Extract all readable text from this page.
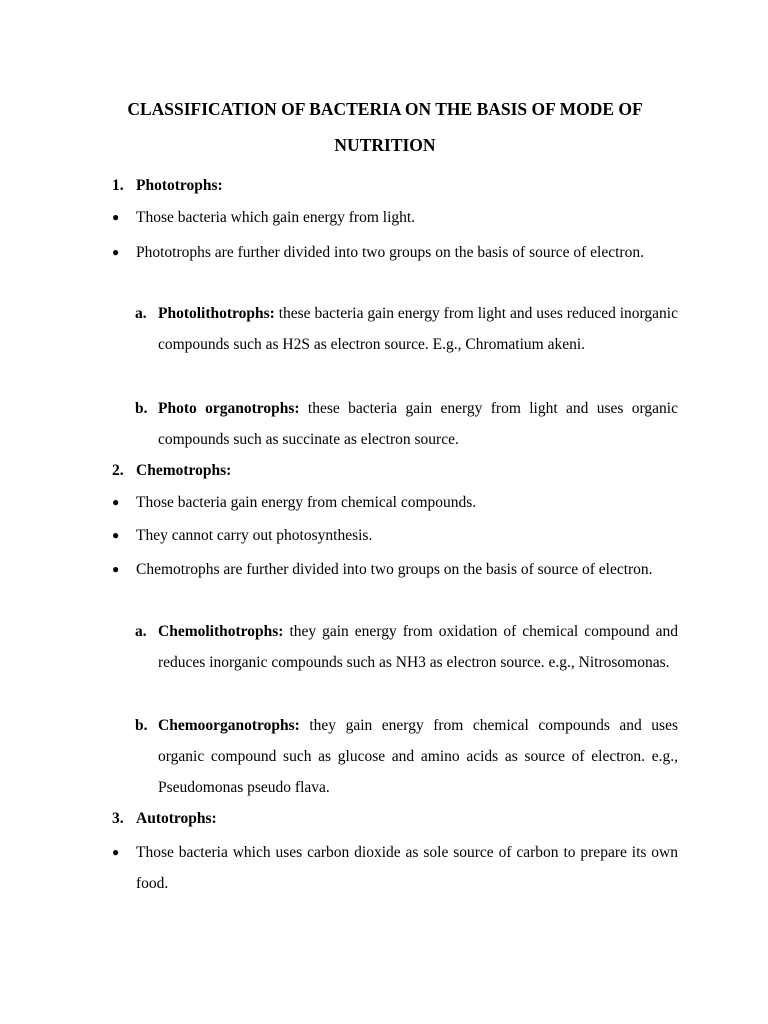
CLASSIFICATION OF BACTERIA ON THE BASIS OF MODE OF NUTRITION
1. Phototrophs:
●	Those bacteria which gain energy from light.
●	Phototrophs are further divided into two groups on the basis of source of electron.
a. Photolithotrophs: these bacteria gain energy from light and uses reduced inorganic compounds such as H2S as electron source. E.g., Chromatium akeni.
b. Photo organotrophs: these bacteria gain energy from light and uses organic compounds such as succinate as electron source.
2. Chemotrophs:
●	Those bacteria gain energy from chemical compounds.
●	They cannot carry out photosynthesis.
●	Chemotrophs are further divided into two groups on the basis of source of electron.
a. Chemolithotrophs: they gain energy from oxidation of chemical compound and reduces inorganic compounds such as NH3 as electron source. e.g., Nitrosomonas.
b. Chemoorganotrophs: they gain energy from chemical compounds and uses organic compound such as glucose and amino acids as source of electron. e.g., Pseudomonas pseudo flava.
3. Autotrophs:
●	Those bacteria which uses carbon dioxide as sole source of carbon to prepare its own food.
